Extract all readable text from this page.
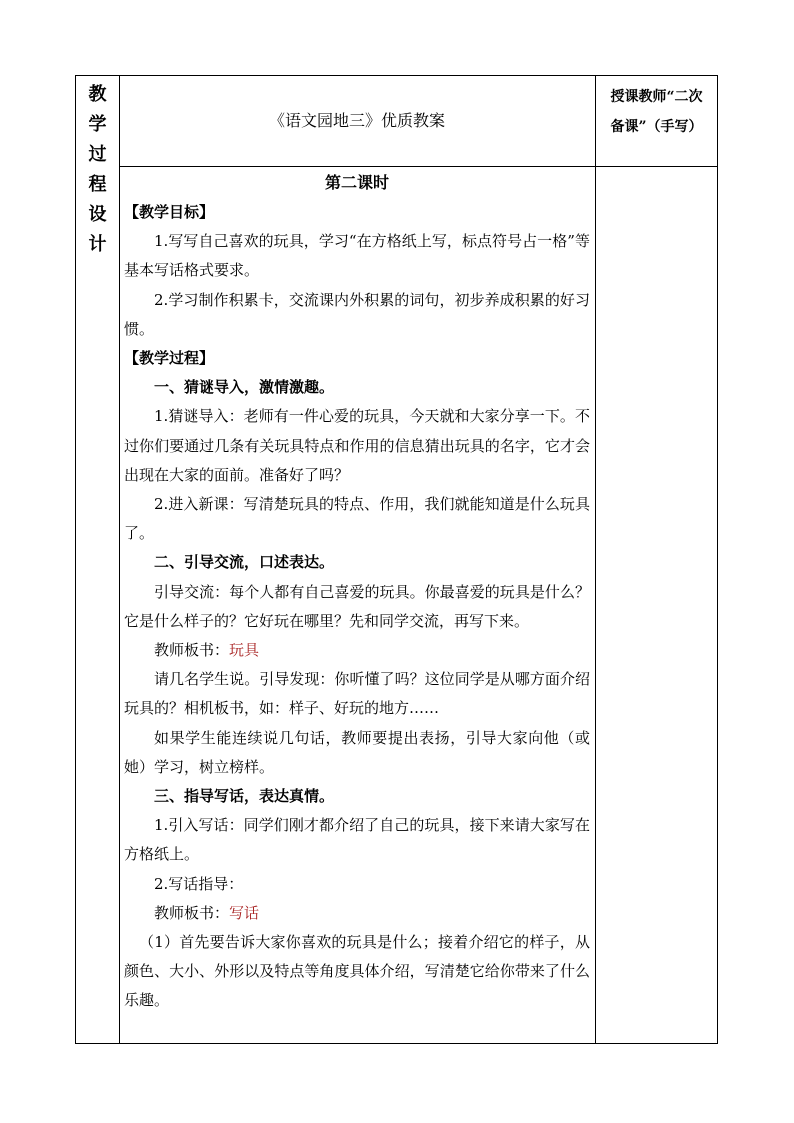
教
学
过
程
设
计
《语文园地三》优质教案
授课教师“二次备课”（手写）
第二课时

【教学目标】

1.写写自己喜欢的玩具，学习“在方格纸上写，标点符号占一格”等基本写话格式要求。

2.学习制作积累卡，交流课内外积累的词句，初步养成积累的好习惯。

【教学过程】

一、猜谜导入，激情激趣。

1.猜谜导入：老师有一件心爱的玩具，今天就和大家分享一下。不过你们要通过几条有关玩具特点和作用的信息猜出玩具的名字，它才会出现在大家的面前。准备好了吗？

2.进入新课：写清楚玩具的特点、作用，我们就能知道是什么玩具了。

二、引导交流，口述表达。

引导交流：每个人都有自己喜爱的玩具。你最喜爱的玩具是什么？它是什么样子的？它好玩在哪里？先和同学交流，再写下来。

教师板书：玩具

请几名学生说。引导发现：你听懂了吗？这位同学是从哪方面介绍玩具的？相机板书，如：样子、好玩的地方……

如果学生能连续说几句话，教师要提出表扬，引导大家向他（或她）学习，树立榜样。

三、指导写话，表达真情。

1.引入写话：同学们刚才都介绍了自己的玩具，接下来请大家写在方格纸上。

2.写话指导：

教师板书：写话

（1）首先要告诉大家你喜欢的玩具是什么；接着介绍它的样子，从颜色、大小、外形以及特点等角度具体介绍，写清楚它给你带来了什么乐趣。
